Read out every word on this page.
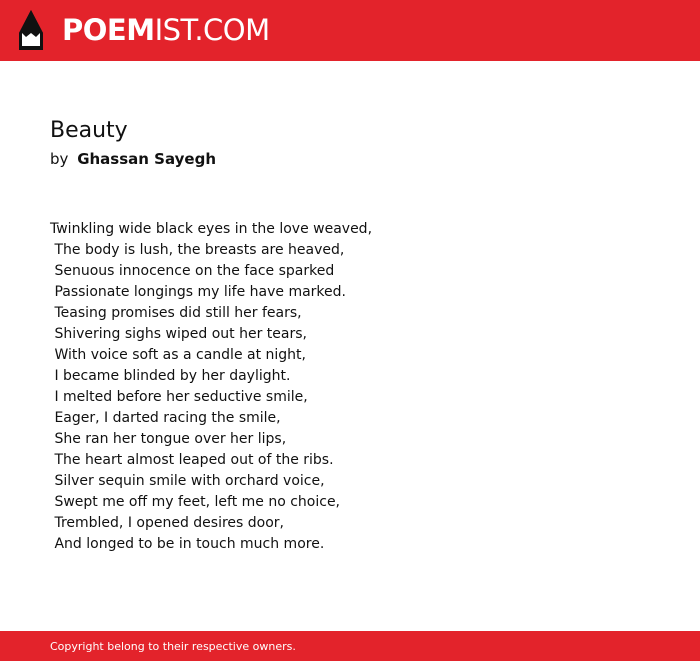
POEMIST.COM
Beauty
by Ghassan Sayegh
Twinkling wide black eyes in the love weaved,
The body is lush, the breasts are heaved,
Senuous innocence on the face sparked
Passionate longings my life have marked.
Teasing promises did still her fears,
Shivering sighs wiped out her tears,
With voice soft as a candle at night,
I became blinded by her daylight.
I melted before her seductive smile,
Eager, I darted racing the smile,
She ran her tongue over her lips,
The heart almost leaped out of the ribs.
Silver sequin smile with orchard voice,
Swept me off my feet, left me no choice,
Trembled, I opened desires door,
And longed to be in touch much more.
Copyright belong to their respective owners.
